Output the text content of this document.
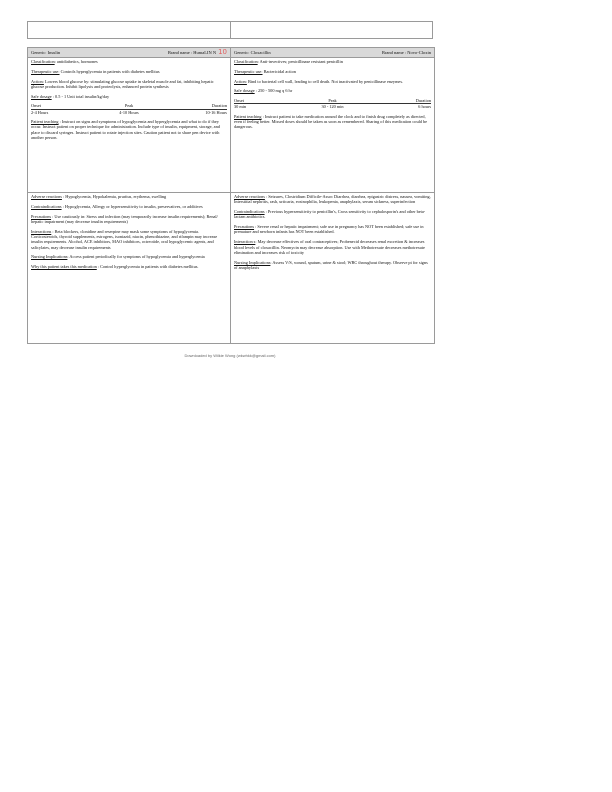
Generic: Insulin	Brand name : HumaLIN N 10

Classification: antidiabetics, hormones

Therapeutic use: Controls hyperglycemia in patients with diabetes mellitus

Action: Lowers blood glucose by: stimulating glucose uptake in skeletal muscle and fat, inhibiting hepatic glucose production. Inhibit lipolysis and proteolysis, enhanced protein synthesis

Safe dosage : 0.5 - 1 Unit total insulin/kg/day

Onset	Peak	Duration
2-4 Hours	4-10 Hours	10-16 Hours

Patient teaching : Instruct on signs and symptoms of hypoglycemia and hyperglycemia and what to do if they occur. Instruct patient on proper technique for administration. Include type of insulin, equipment, storage, and place to discard syringes. Instruct patient to rotate injection sites. Caution patient not to share pen device with another person.

Adverse reactions : Hypoglycemia, Hypokalemia, pruritus, erythema, swelling

Contraindications : Hypoglycemia, Allergy or hypersensitivity to insulin, preservatives, or additives

Precautions : Use cautiously in: Stress and infection (may temporarily increase insulin requirements); Renal/ hepatic impairment (may decrease insulin requirements)

Interactions : Beta blockers, clonidine and reserpine may mask some symptoms of hypoglycemia. Corticosteroids, thyroid supplements, estrogens, isoniazid, niacin, phenothiazine, and rifampin may increase insulin requirements. Alcohol, ACE inhibitors, MAO inhibitors, octreotide, oral hypoglycemic agents, and salicylates, may decrease insulin requirements

Nursing Implications: Access patient periodically for symptoms of hypoglycemia and hyperglycemia

Why this patient takes this medication : Control hyperglycemia in patients with diabetes mellitus.

Generic: Cloxacillin	Brand name : Novo-Cloxin

Classification: Anti-invectives; penicillinase resistant penicillin

Therapeutic use: Bactericidal action

Action: Bind to bacterial cell wall, leading to cell death. Not inactivated by penicillinase enzymes.

Safe dosage : 250 - 500 mg q 6 hr

Onset	Peak	Duration
30 min	30 - 120 min	6 hours

Patient teaching : Instruct patient to take medication around the clock and to finish drug completely as directed, even if feeling better. Missed doses should be taken as soon as remembered. Sharing of this medication could be dangerous.

Adverse reactions : Seizures, Clostridium Difficile-Assoc Diarrhea, diarrhea, epigastric distress, nausea, vomiting, Interstitial nephritis, rash, urticaria, eosinophilia, leukopenia, anaphylaxis, serum sickness, superinfection

Contraindications : Previous hypersensitivity to penicillin's, Cross sensitivity to cephalosporin's and other beta-lactam antibiotics.

Precautions : Severe renal or hepatic impairment; safe use in pregnancy has NOT been established; safe use in premature and newborn infants has NOT been established.

Interaction s: May decrease effectives of oral contraceptives; Probenecid decreases renal excretion & increases blood levels of cloxacillin. Neomycin may decrease absorption. Use with Methotrexate decreases methotrexate elimination and increases risk of toxicity

Nursing Implications: Assess V/S, wound, sputum, urine & stool; WBC throughout therapy. Observe pt for signs of anaphylaxis

Downloaded by Wilkie Wong (wkwhkk@gmail.com)
